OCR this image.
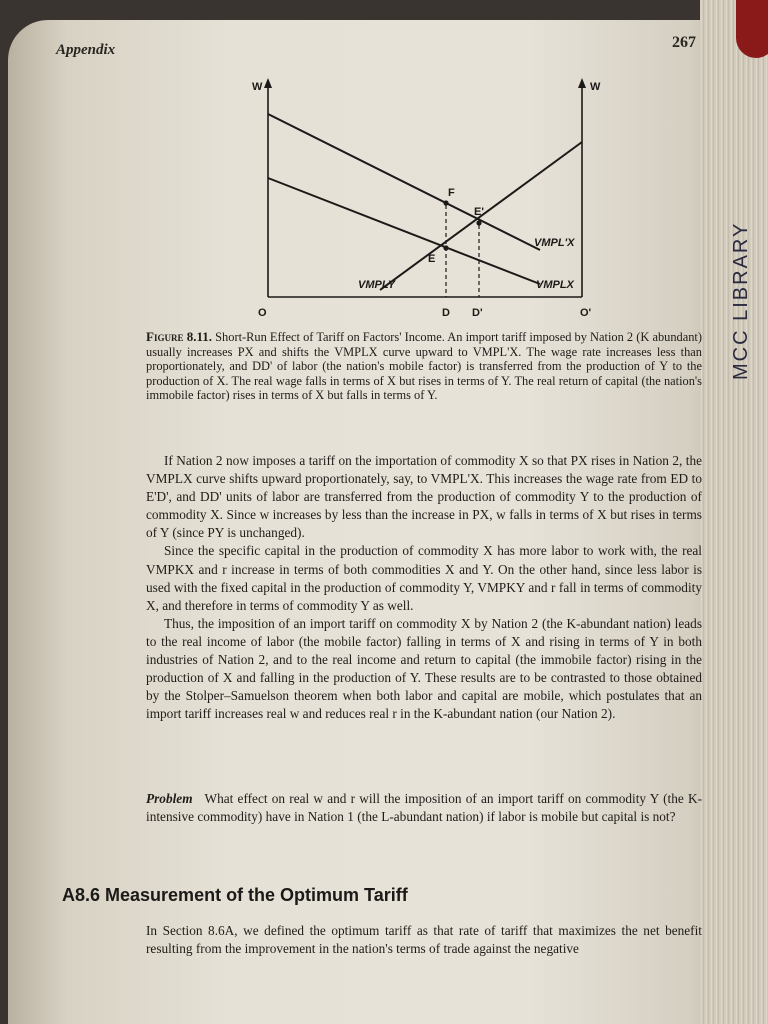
MCC LIBRARY
Appendix	267
W	W
O	O'
F
E'
E
VMPL'X
VMPLX
VMPLY
D D'
Figure 8.11. Short-Run Effect of Tariff on Factors' Income. An import tariff imposed by Nation 2 (K abundant) usually increases PX and shifts the VMPLX curve upward to VMPL'X. The wage rate increases less than proportionately, and DD' of labor (the nation's mobile factor) is transferred from the production of Y to the production of X. The real wage falls in terms of X but rises in terms of Y. The real return of capital (the nation's immobile factor) rises in terms of X but falls in terms of Y.

If Nation 2 now imposes a tariff on the importation of commodity X so that PX rises in Nation 2, the VMPLX curve shifts upward proportionately, say, to VMPL'X. This increases the wage rate from ED to E'D', and DD' units of labor are transferred from the production of commodity Y to the production of commodity X. Since w increases by less than the increase in PX, w falls in terms of X but rises in terms of Y (since PY is unchanged).

Since the specific capital in the production of commodity X has more labor to work with, the real VMPKX and r increase in terms of both commodities X and Y. On the other hand, since less labor is used with the fixed capital in the production of commodity Y, VMPKY and r fall in terms of commodity X, and therefore in terms of commodity Y as well.

Thus, the imposition of an import tariff on commodity X by Nation 2 (the K-abundant nation) leads to the real income of labor (the mobile factor) falling in terms of X and rising in terms of Y in both industries of Nation 2, and to the real income and return to capital (the immobile factor) rising in the production of X and falling in the production of Y. These results are to be contrasted to those obtained by the Stolper–Samuelson theorem when both labor and capital are mobile, which postulates that an import tariff increases real w and reduces real r in the K-abundant nation (our Nation 2).

Problem What effect on real w and r will the imposition of an import tariff on commodity Y (the K-intensive commodity) have in Nation 1 (the L-abundant nation) if labor is mobile but capital is not?
A8.6 Measurement of the Optimum Tariff
In Section 8.6A, we defined the optimum tariff as that rate of tariff that maximizes the net benefit resulting from the improvement in the nation's terms of trade against the negative
